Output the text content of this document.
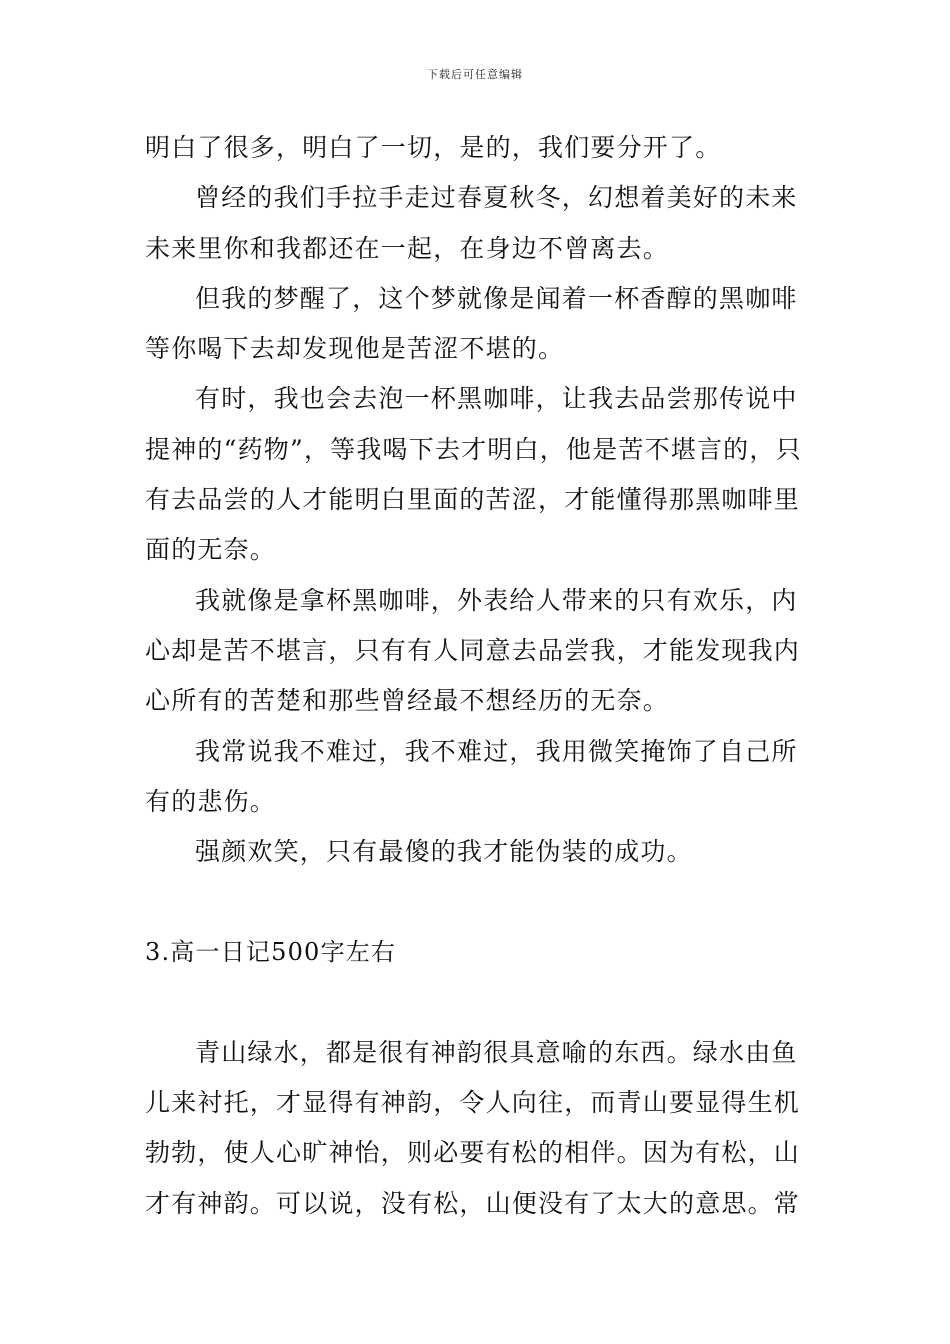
下载后可任意编辑

明白了很多，明白了一切，是的，我们要分开了。

曾经的我们手拉手走过春夏秋冬，幻想着美好的未来未来里你和我都还在一起，在身边不曾离去。

但我的梦醒了，这个梦就像是闻着一杯香醇的黑咖啡等你喝下去却发现他是苦涩不堪的。

有时，我也会去泡一杯黑咖啡，让我去品尝那传说中提神的“药物”，等我喝下去才明白，他是苦不堪言的，只有去品尝的人才能明白里面的苦涩，才能懂得那黑咖啡里面的无奈。

我就像是拿杯黑咖啡，外表给人带来的只有欢乐，内心却是苦不堪言，只有有人同意去品尝我，才能发现我内心所有的苦楚和那些曾经最不想经历的无奈。

我常说我不难过，我不难过，我用微笑掩饰了自己所有的悲伤。

强颜欢笑，只有最傻的我才能伪装的成功。

3.高一日记500字左右

青山绿水，都是很有神韵很具意喻的东西。绿水由鱼儿来衬托，才显得有神韵，令人向往，而青山要显得生机勃勃，使人心旷神怡，则必要有松的相伴。因为有松，山才有神韵。可以说，没有松，山便没有了太大的意思。常
